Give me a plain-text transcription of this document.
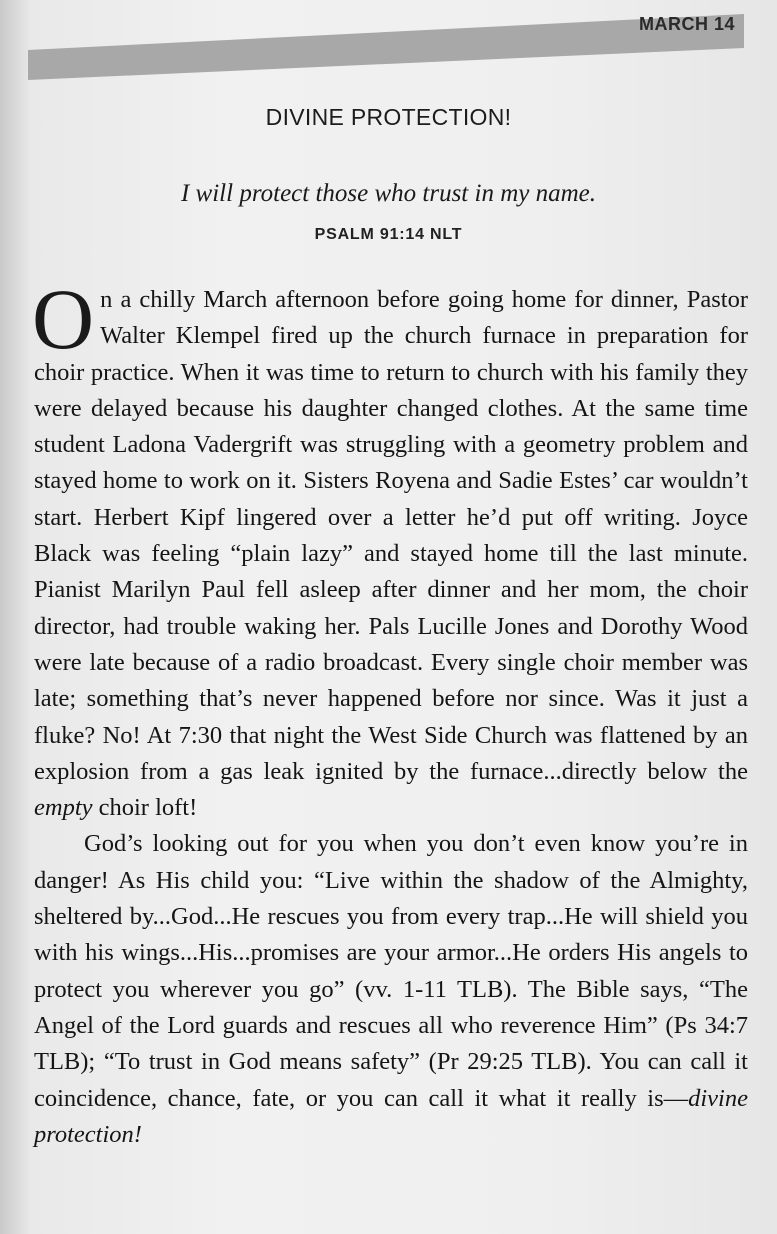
MARCH 14
DIVINE PROTECTION!
I will protect those who trust in my name.
PSALM 91:14 NLT

On a chilly March afternoon before going home for dinner, Pastor Walter Klempel fired up the church furnace in preparation for choir practice. When it was time to return to church with his family they were delayed because his daughter changed clothes. At the same time student Ladona Vadergrift was struggling with a geometry problem and stayed home to work on it. Sisters Royena and Sadie Estes’ car wouldn’t start. Herbert Kipf lingered over a letter he’d put off writing. Joyce Black was feeling “plain lazy” and stayed home till the last minute. Pianist Marilyn Paul fell asleep after dinner and her mom, the choir director, had trouble waking her. Pals Lucille Jones and Dorothy Wood were late because of a radio broadcast. Every single choir member was late; something that’s never happened before nor since. Was it just a fluke? No! At 7:30 that night the West Side Church was flattened by an explosion from a gas leak ignited by the furnace...directly below the empty choir loft!

God’s looking out for you when you don’t even know you’re in danger! As His child you: “Live within the shadow of the Almighty, sheltered by...God...He rescues you from every trap...He will shield you with his wings...His...promises are your armor...He orders His angels to protect you wherever you go” (vv. 1-11 TLB). The Bible says, “The Angel of the Lord guards and rescues all who reverence Him” (Ps 34:7 TLB); “To trust in God means safety” (Pr 29:25 TLB). You can call it coincidence, chance, fate, or you can call it what it really is—divine protection!
